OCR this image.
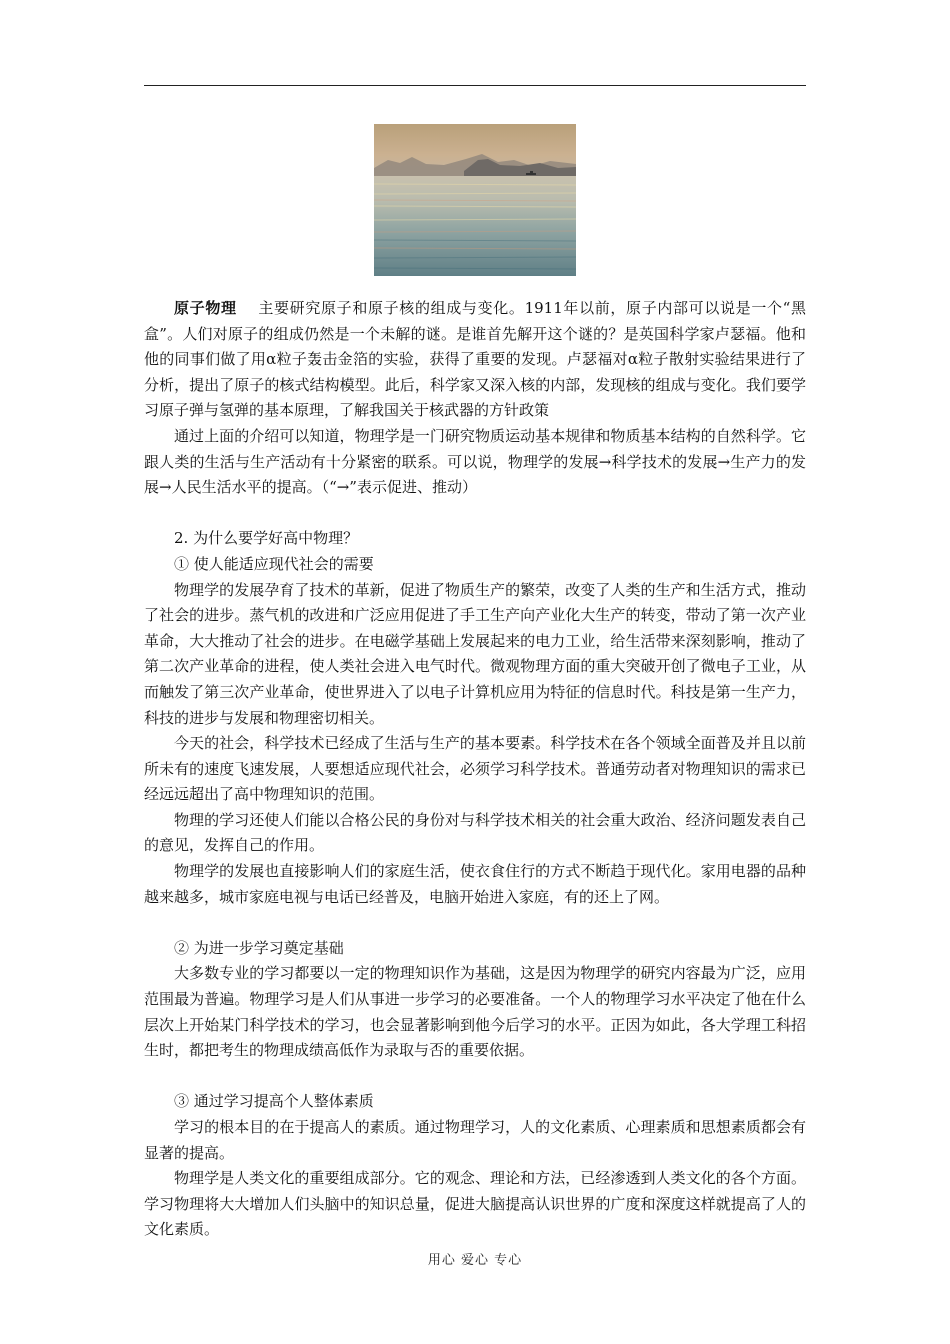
原子物理 主要研究原子和原子核的组成与变化。1911年以前，原子内部可以说是一个“黑盒”。人们对原子的组成仍然是一个未解的谜。是谁首先解开这个谜的？是英国科学家卢瑟福。他和他的同事们做了用α粒子轰击金箔的实验，获得了重要的发现。卢瑟福对α粒子散射实验结果进行了分析，提出了原子的核式结构模型。此后，科学家又深入核的内部，发现核的组成与变化。我们要学习原子弹与氢弹的基本原理，了解我国关于核武器的方针政策

通过上面的介绍可以知道，物理学是一门研究物质运动基本规律和物质基本结构的自然科学。它跟人类的生活与生产活动有十分紧密的联系。可以说，物理学的发展→科学技术的发展→生产力的发展→人民生活水平的提高。（“→”表示促进、推动）

2. 为什么要学好高中物理？

① 使人能适应现代社会的需要

物理学的发展孕育了技术的革新，促进了物质生产的繁荣，改变了人类的生产和生活方式，推动了社会的进步。蒸气机的改进和广泛应用促进了手工生产向产业化大生产的转变，带动了第一次产业革命，大大推动了社会的进步。在电磁学基础上发展起来的电力工业，给生活带来深刻影响，推动了第二次产业革命的进程，使人类社会进入电气时代。微观物理方面的重大突破开创了微电子工业，从而触发了第三次产业革命，使世界进入了以电子计算机应用为特征的信息时代。科技是第一生产力，科技的进步与发展和物理密切相关。

今天的社会，科学技术已经成了生活与生产的基本要素。科学技术在各个领域全面普及并且以前所未有的速度飞速发展，人要想适应现代社会，必须学习科学技术。普通劳动者对物理知识的需求已经远远超出了高中物理知识的范围。

物理的学习还使人们能以合格公民的身份对与科学技术相关的社会重大政治、经济问题发表自己的意见，发挥自己的作用。

物理学的发展也直接影响人们的家庭生活，使衣食住行的方式不断趋于现代化。家用电器的品种越来越多，城市家庭电视与电话已经普及，电脑开始进入家庭，有的还上了网。

② 为进一步学习奠定基础

大多数专业的学习都要以一定的物理知识作为基础，这是因为物理学的研究内容最为广泛，应用范围最为普遍。物理学习是人们从事进一步学习的必要准备。一个人的物理学习水平决定了他在什么层次上开始某门科学技术的学习，也会显著影响到他今后学习的水平。正因为如此，各大学理工科招生时，都把考生的物理成绩高低作为录取与否的重要依据。

③ 通过学习提高个人整体素质

学习的根本目的在于提高人的素质。通过物理学习，人的文化素质、心理素质和思想素质都会有显著的提高。

物理学是人类文化的重要组成部分。它的观念、理论和方法，已经渗透到人类文化的各个方面。学习物理将大大增加人们头脑中的知识总量，促进大脑提高认识世界的广度和深度这样就提高了人的文化素质。

用心 爱心 专心
